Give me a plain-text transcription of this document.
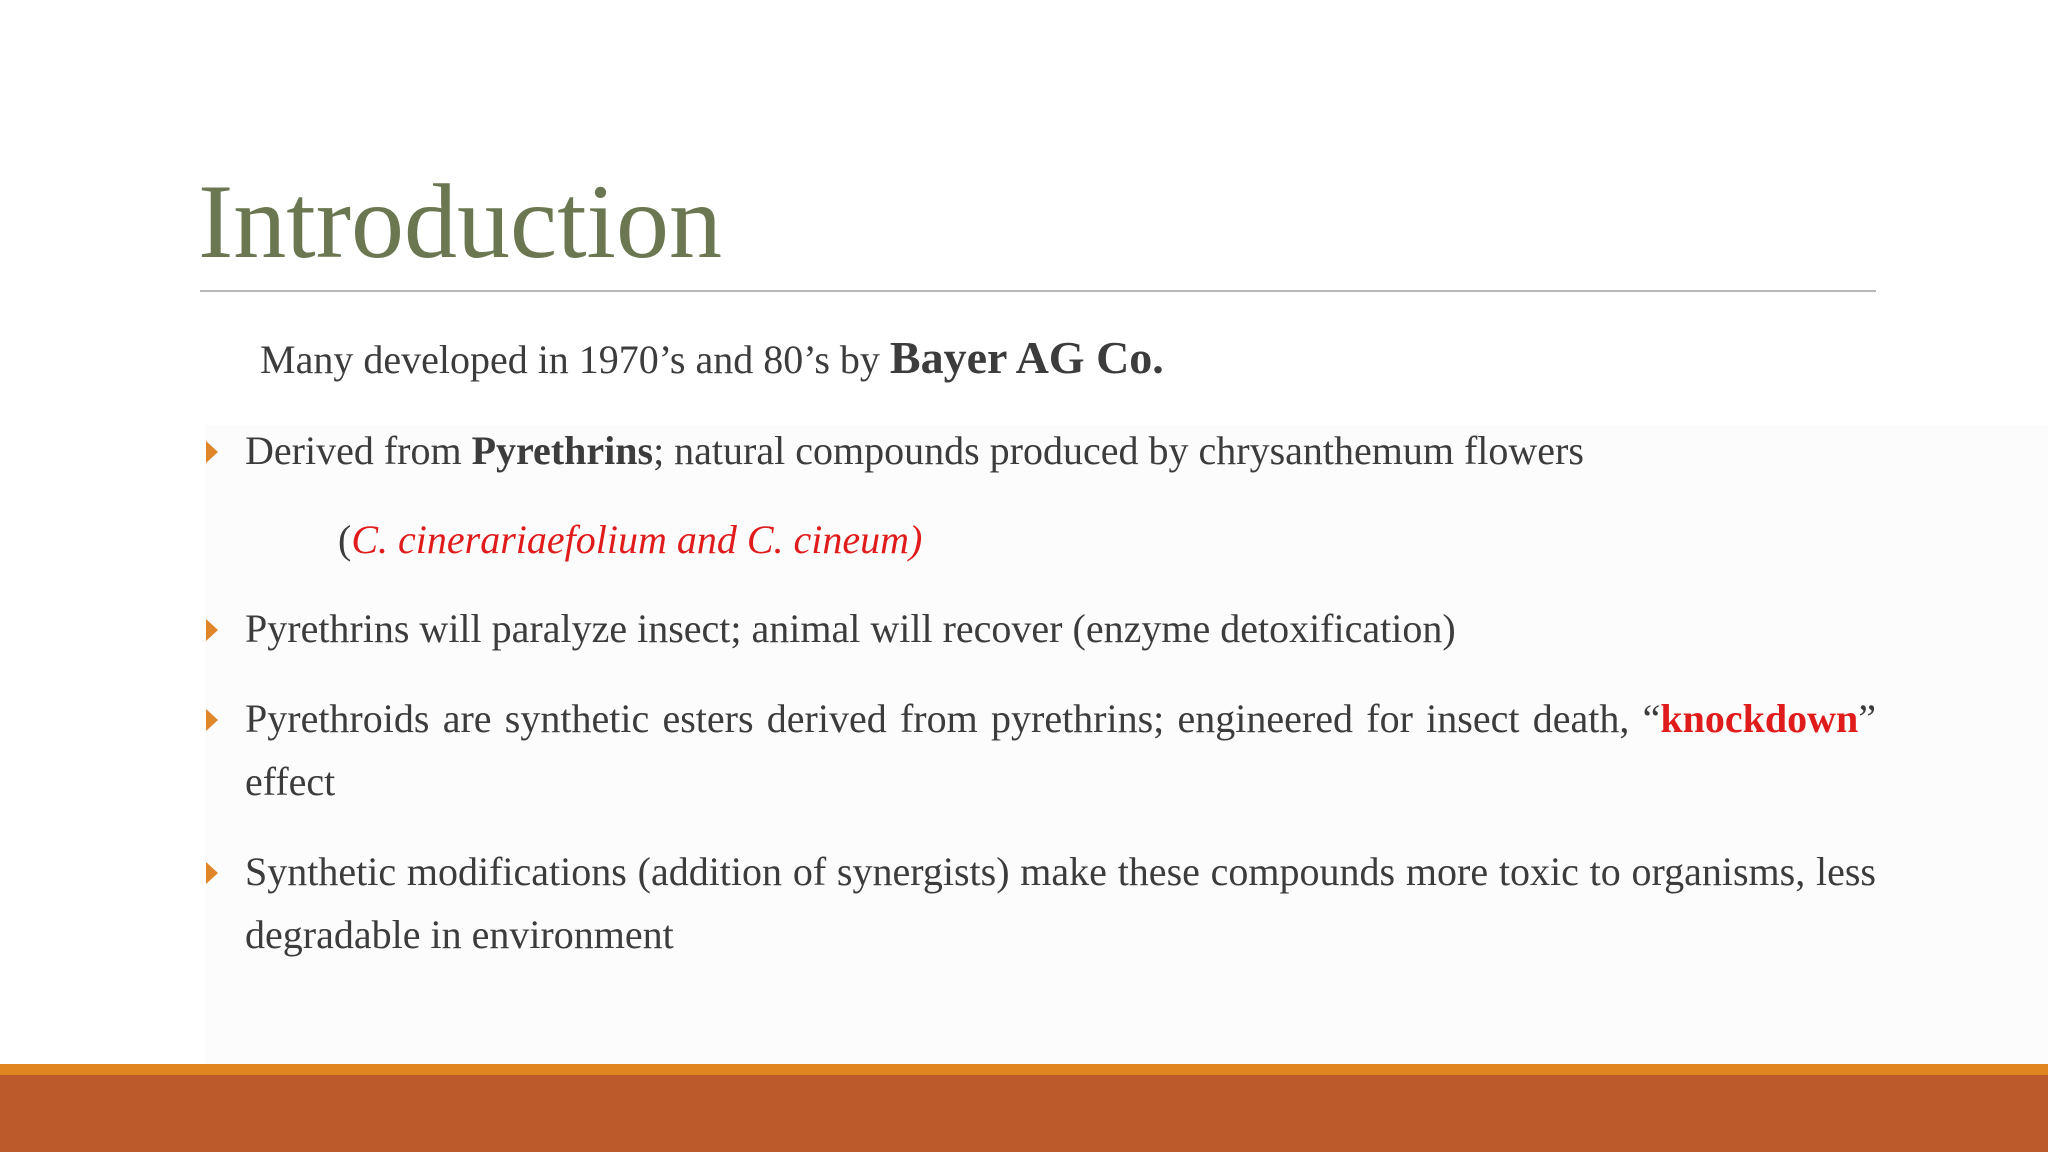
Introduction
Many developed in 1970’s and 80’s by Bayer AG Co.
Derived from Pyrethrins; natural compounds produced by chrysanthemum flowers
(C. cinerariaefolium and C. cineum)
Pyrethrins will paralyze insect; animal will recover (enzyme detoxification)
Pyrethroids are synthetic esters derived from pyrethrins; engineered for insect death, “knockdown” effect
Synthetic modifications (addition of synergists) make these compounds more toxic to organisms, less degradable in environment
